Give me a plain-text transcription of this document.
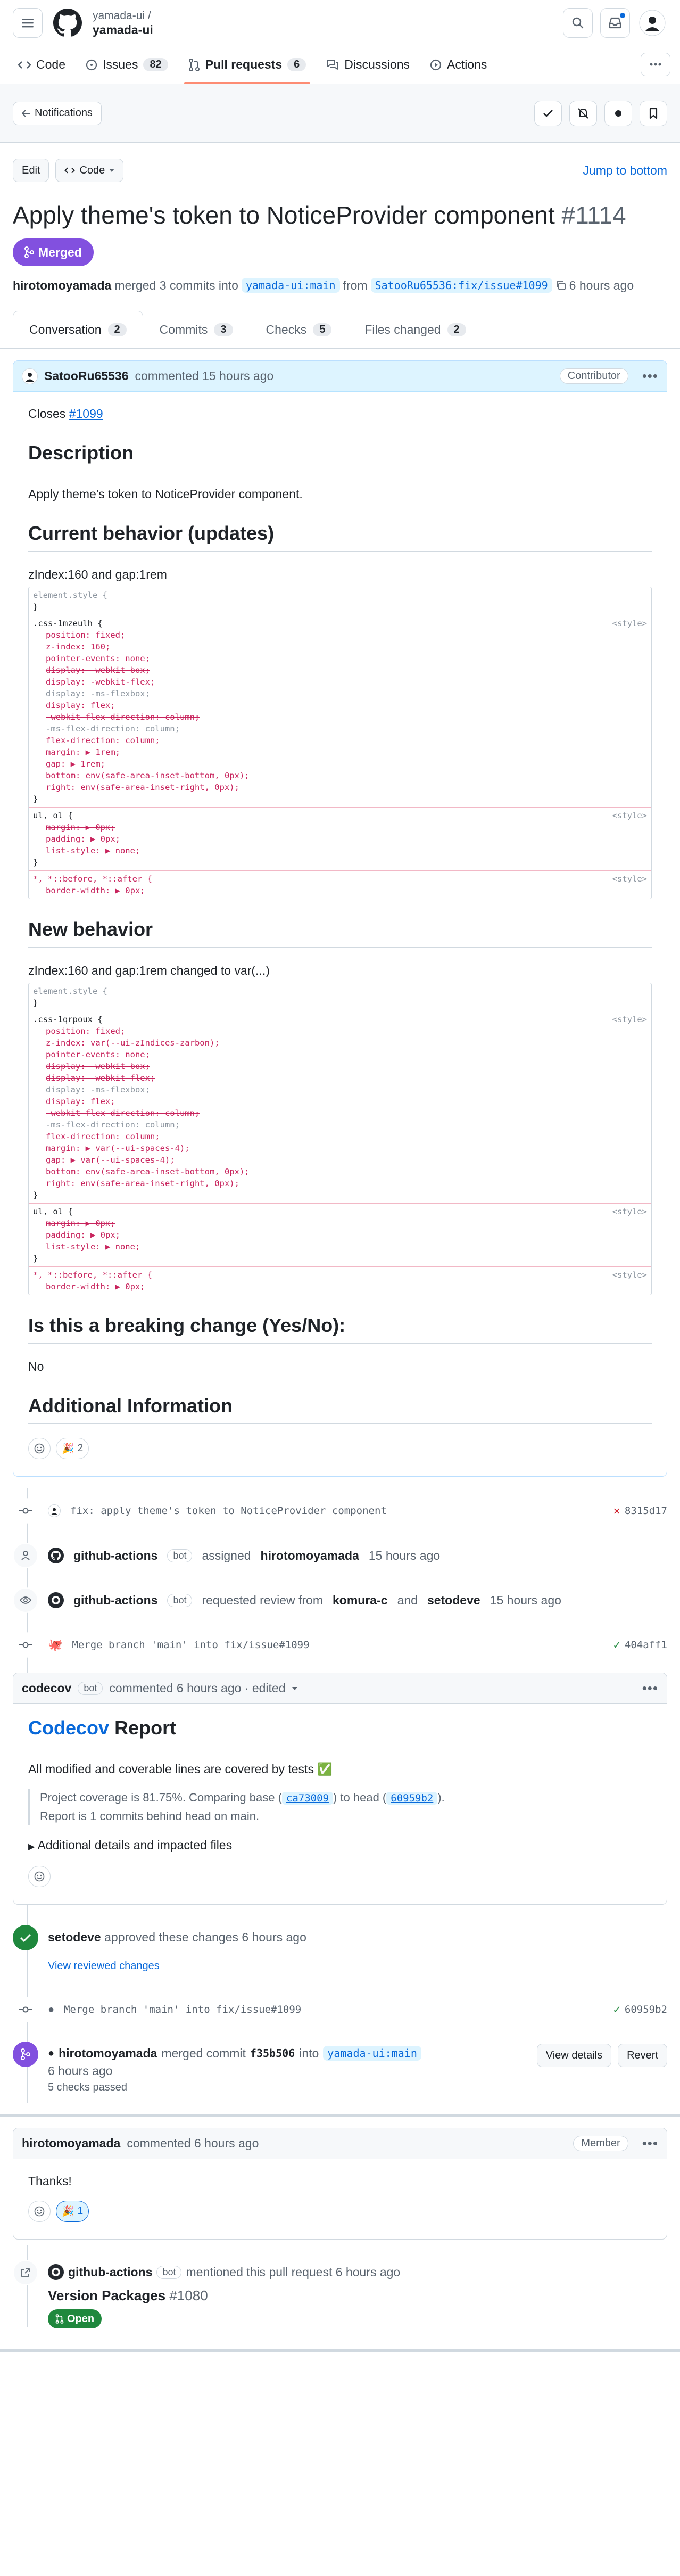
yamada-ui /
yamada-ui
Code	Issues	82	Pull requests	6	Discussions	Actions
Notifications
Edit	Code	Jump to bottom
Apply theme's token to NoticeProvider component #1114
Merged
hirotomoyamada merged 3 commits into yamada-ui:main from SatooRu65536:fix/issue#1099	6 hours ago
Conversation	2	Commits	3	Checks	5	Files changed	2
SatooRu65536 commented 15 hours ago	Contributor	•••

Closes #1099

Description

Apply theme's token to NoticeProvider component.

Current behavior (updates)

zIndex:160 and gap:1rem

element.style {
}
.css-1mzeulh {	<style>
position: fixed;
z-index: 160;
pointer-events: none;
display: -webkit-box;
display: -webkit-flex;
display: -ms-flexbox;
display: flex;
-webkit-flex-direction: column;
-ms-flex-direction: column;
flex-direction: column;
margin: ▶ 1rem;
gap: ▶ 1rem;
bottom: env(safe-area-inset-bottom, 0px);
right: env(safe-area-inset-right, 0px);
}
ul, ol {	<style>
margin: ▶ 0px;
padding: ▶ 0px;
list-style: ▶ none;
}
*, *::before, *::after {	<style>
border-width: ▶ 0px;
New behavior

zIndex:160 and gap:1rem changed to var(...)

element.style {
}
.css-1qrpoux {	<style>
position: fixed;
z-index: var(--ui-zIndices-zarbon);
pointer-events: none;
display: -webkit-box;
display: -webkit-flex;
display: -ms-flexbox;
display: flex;
-webkit-flex-direction: column;
-ms-flex-direction: column;
flex-direction: column;
margin: ▶ var(--ui-spaces-4);
gap: ▶ var(--ui-spaces-4);
bottom: env(safe-area-inset-bottom, 0px);
right: env(safe-area-inset-right, 0px);
}
ul, ol {	<style>
margin: ▶ 0px;
padding: ▶ 0px;
list-style: ▶ none;
}
*, *::before, *::after {	<style>
border-width: ▶ 0px;
Is this a breaking change (Yes/No):

No

Additional Information
🎉 2
fix: apply theme's token to NoticeProvider component	✕ 8315d17
github-actions	bot	assigned hirotomoyamada 15 hours ago
github-actions	bot	requested review from komura-c and setodeve 15 hours ago
🐙 Merge branch 'main' into fix/issue#1099	✓ 404aff1
codecov	bot	commented 6 hours ago · edited	•••
Codecov Report

All modified and coverable lines are covered by tests ✅

Project coverage is 81.75%. Comparing base ( ca73009 ) to head ( 60959b2 ).
Report is 1 commits behind head on main.

▶ Additional details and impacted files

setodeve approved these changes 6 hours ago
View reviewed changes
● Merge branch 'main' into fix/issue#1099	✓ 60959b2
● hirotomoyamada merged commit f35b506 into yamada-ui:main
6 hours ago
5 checks passed
View details	Revert
hirotomoyamada commented 6 hours ago	Member	•••

Thanks!

🎉 1
github-actions	bot mentioned this pull request 6 hours ago
Version Packages #1080
Open
